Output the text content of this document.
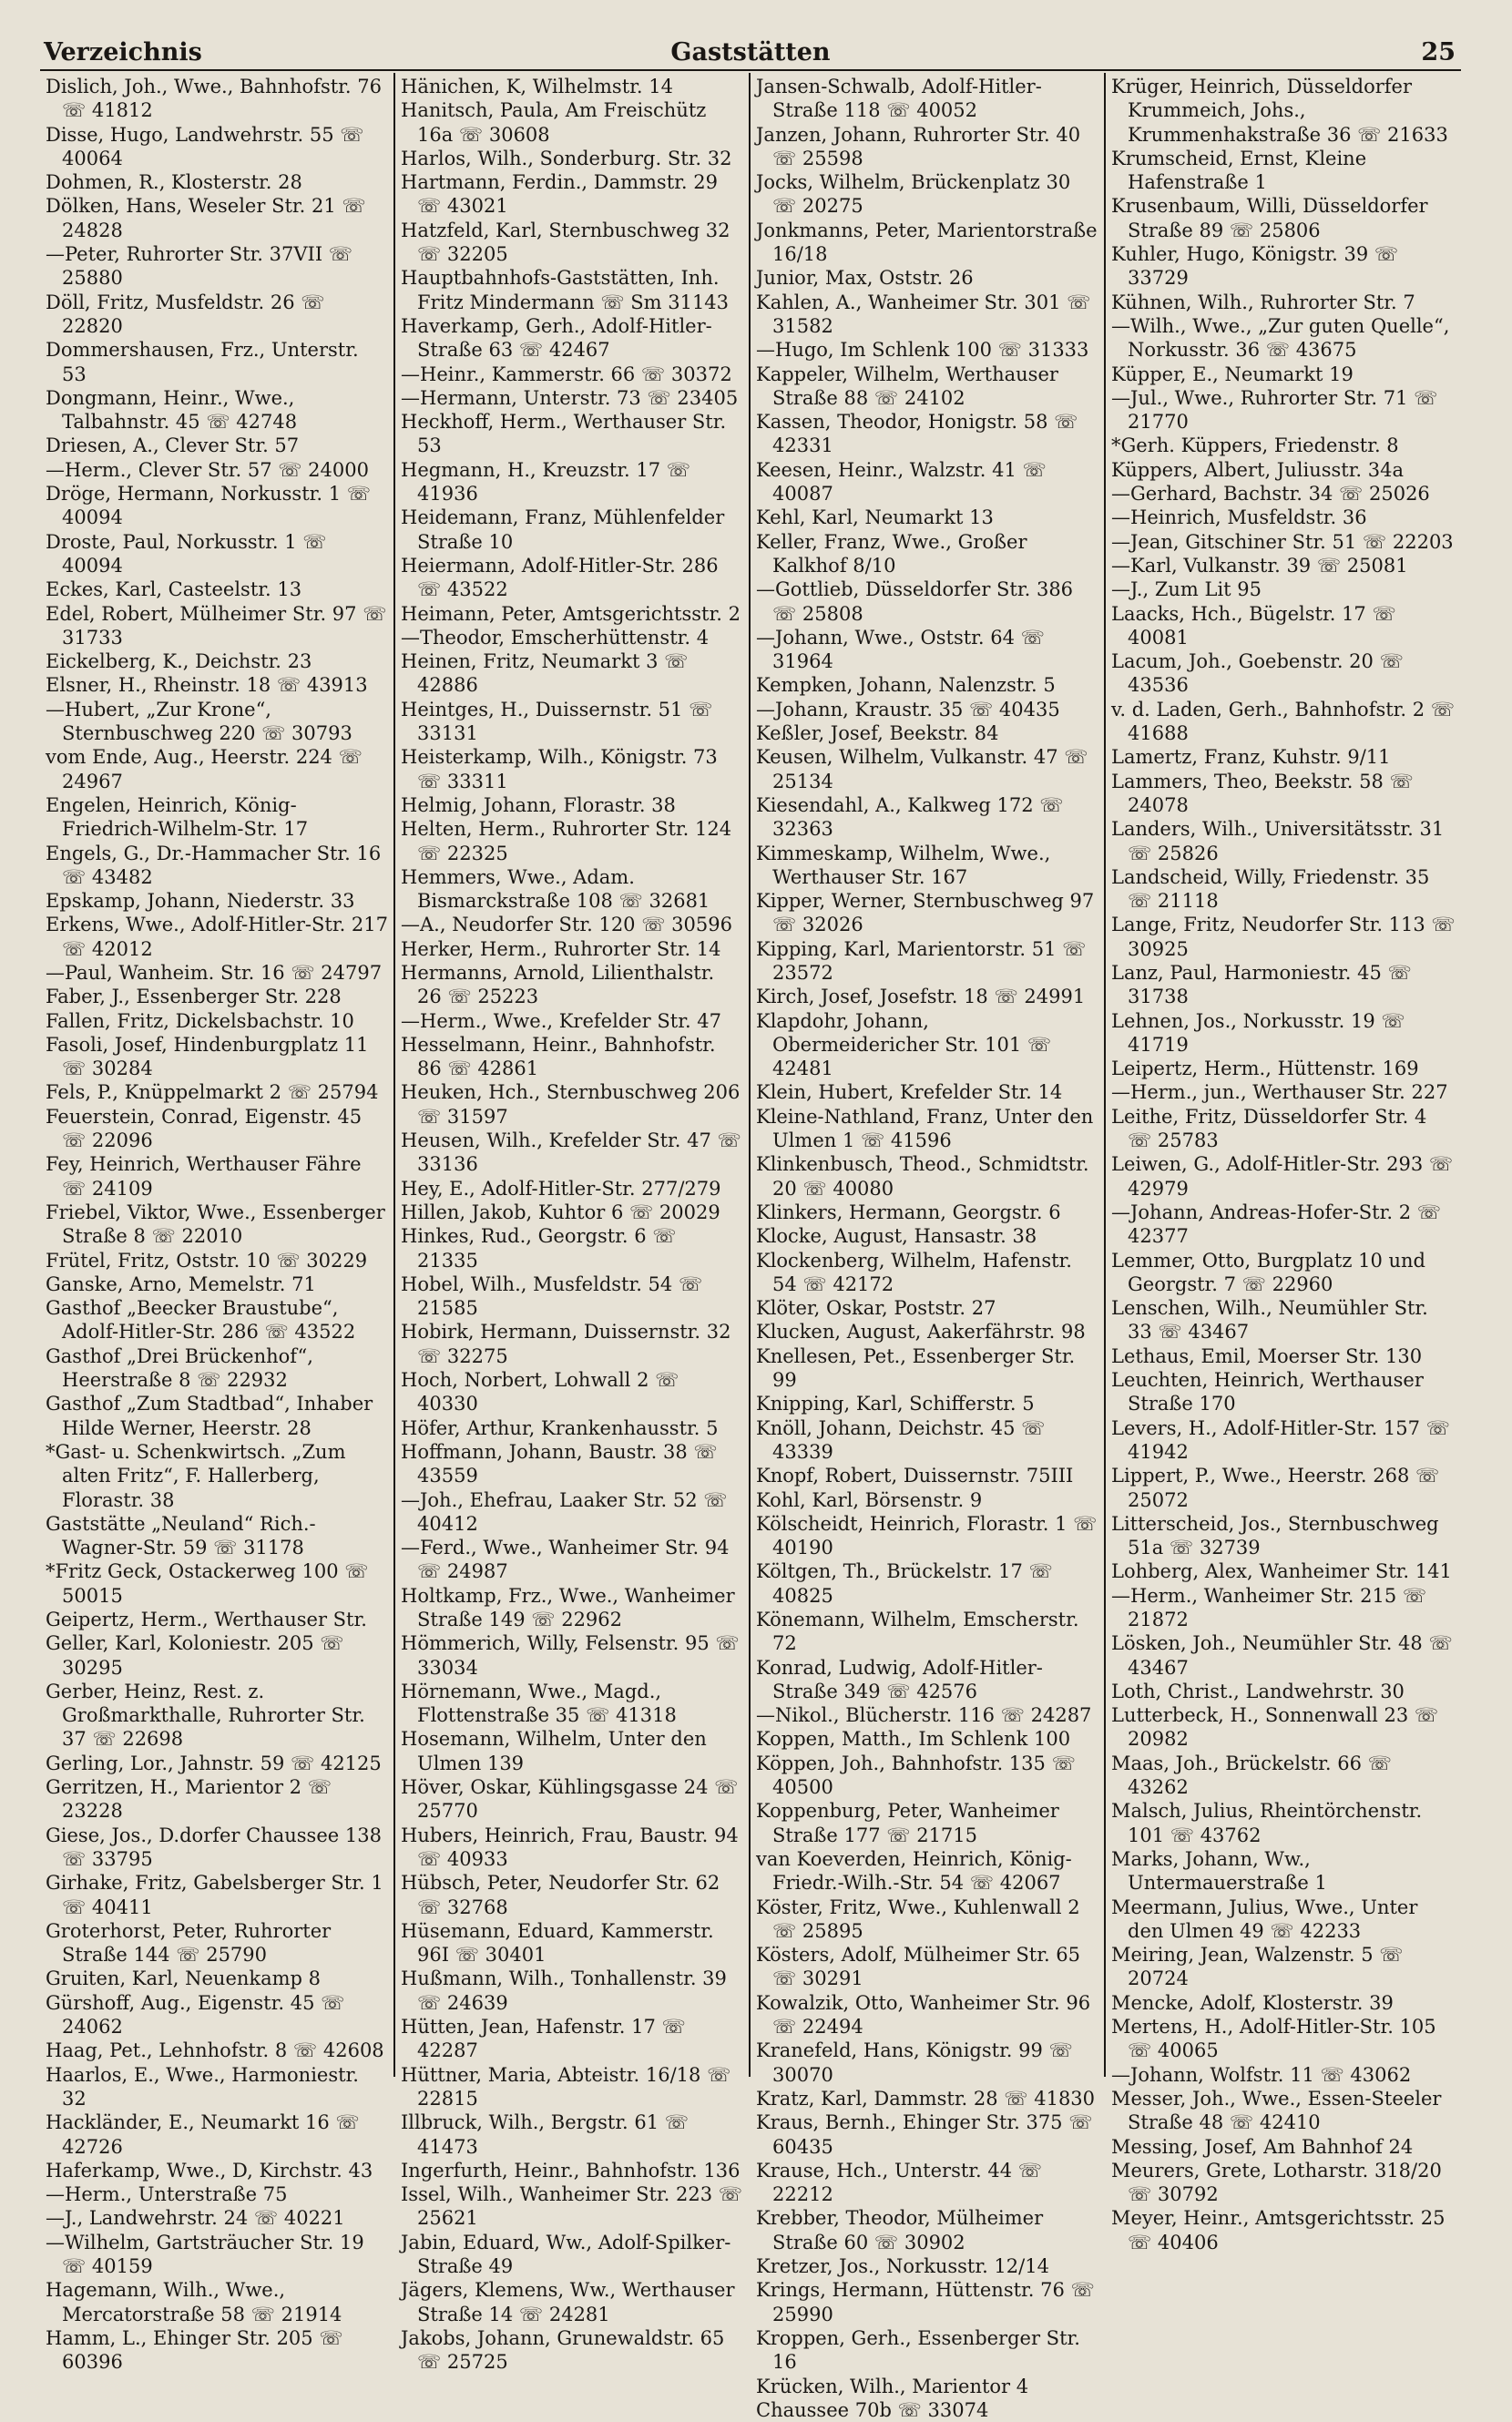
Verzeichnis	Gaststätten	25
Dislich, Joh., Wwe., Bahnhofstr. 76 ☏ 41812
Disse, Hugo, Landwehrstr. 55 ☏ 40064
Dohmen, R., Klosterstr. 28
Dölken, Hans, Weseler Str. 21 ☏ 24828
—Peter, Ruhrorter Str. 37VII ☏ 25880
Döll, Fritz, Musfeldstr. 26 ☏ 22820
Dommershausen, Frz., Unterstr. 53
Dongmann, Heinr., Wwe., Talbahnstr. 45 ☏ 42748
Driesen, A., Clever Str. 57
—Herm., Clever Str. 57 ☏ 24000
Dröge, Hermann, Norkusstr. 1 ☏ 40094
Droste, Paul, Norkusstr. 1 ☏ 40094
Eckes, Karl, Casteelstr. 13
Edel, Robert, Mülheimer Str. 97 ☏ 31733
Eickelberg, K., Deichstr. 23
Elsner, H., Rheinstr. 18 ☏ 43913
—Hubert, „Zur Krone“, Sternbuschweg 220 ☏ 30793
vom Ende, Aug., Heerstr. 224 ☏ 24967
Engelen, Heinrich, König-Friedrich-Wilhelm-Str. 17
Engels, G., Dr.-Hammacher Str. 16 ☏ 43482
Epskamp, Johann, Niederstr. 33
Erkens, Wwe., Adolf-Hitler-Str. 217 ☏ 42012
—Paul, Wanheim. Str. 16 ☏ 24797
Faber, J., Essenberger Str. 228
Fallen, Fritz, Dickelsbachstr. 10
Fasoli, Josef, Hindenburgplatz 11 ☏ 30284
Fels, P., Knüppelmarkt 2 ☏ 25794
Feuerstein, Conrad, Eigenstr. 45 ☏ 22096
Fey, Heinrich, Werthauser Fähre ☏ 24109
Friebel, Viktor, Wwe., Essenberger Straße 8 ☏ 22010
Frütel, Fritz, Oststr. 10 ☏ 30229
Ganske, Arno, Memelstr. 71
Gasthof „Beecker Braustube“, Adolf-Hitler-Str. 286 ☏ 43522
Gasthof „Drei Brückenhof“, Heerstraße 8 ☏ 22932
Gasthof „Zum Stadtbad“, Inhaber Hilde Werner, Heerstr. 28
*Gast- u. Schenkwirtsch. „Zum alten Fritz“, F. Hallerberg, Florastr. 38
Gaststätte „Neuland“ Rich.-Wagner-Str. 59 ☏ 31178
*Fritz Geck, Ostackerweg 100 ☏ 50015
Geipertz, Herm., Werthauser Str.
Geller, Karl, Koloniestr. 205 ☏ 30295
Gerber, Heinz, Rest. z. Großmarkthalle, Ruhrorter Str. 37 ☏ 22698
Gerling, Lor., Jahnstr. 59 ☏ 42125
Gerritzen, H., Marientor 2 ☏ 23228
Giese, Jos., D.dorfer Chaussee 138 ☏ 33795
Girhake, Fritz, Gabelsberger Str. 1 ☏ 40411
Groterhorst, Peter, Ruhrorter Straße 144 ☏ 25790
Gruiten, Karl, Neuenkamp 8
Gürshoff, Aug., Eigenstr. 45 ☏ 24062
Haag, Pet., Lehnhofstr. 8 ☏ 42608
Haarlos, E., Wwe., Harmoniestr. 32
Hackländer, E., Neumarkt 16 ☏ 42726
Haferkamp, Wwe., D, Kirchstr. 43
—Herm., Unterstraße 75
—J., Landwehrstr. 24 ☏ 40221
—Wilhelm, Gartsträucher Str. 19 ☏ 40159
Hagemann, Wilh., Wwe., Mercatorstraße 58 ☏ 21914
Hamm, L., Ehinger Str. 205 ☏ 60396
Hänichen, K, Wilhelmstr. 14
Hanitsch, Paula, Am Freischütz 16a ☏ 30608
Harlos, Wilh., Sonderburg. Str. 32
Hartmann, Ferdin., Dammstr. 29 ☏ 43021
Hatzfeld, Karl, Sternbuschweg 32 ☏ 32205
Hauptbahnhofs-Gaststätten, Inh. Fritz Mindermann ☏ Sm 31143
Haverkamp, Gerh., Adolf-Hitler-Straße 63 ☏ 42467
—Heinr., Kammerstr. 66 ☏ 30372
—Hermann, Unterstr. 73 ☏ 23405
Heckhoff, Herm., Werthauser Str. 53
Hegmann, H., Kreuzstr. 17 ☏ 41936
Heidemann, Franz, Mühlenfelder Straße 10
Heiermann, Adolf-Hitler-Str. 286 ☏ 43522
Heimann, Peter, Amtsgerichtsstr. 2
—Theodor, Emscherhüttenstr. 4
Heinen, Fritz, Neumarkt 3 ☏ 42886
Heintges, H., Duissernstr. 51 ☏ 33131
Heisterkamp, Wilh., Königstr. 73 ☏ 33311
Helmig, Johann, Florastr. 38
Helten, Herm., Ruhrorter Str. 124 ☏ 22325
Hemmers, Wwe., Adam. Bismarckstraße 108 ☏ 32681
—A., Neudorfer Str. 120 ☏ 30596
Herker, Herm., Ruhrorter Str. 14
Hermanns, Arnold, Lilienthalstr. 26 ☏ 25223
—Herm., Wwe., Krefelder Str. 47
Hesselmann, Heinr., Bahnhofstr. 86 ☏ 42861
Heuken, Hch., Sternbuschweg 206 ☏ 31597
Heusen, Wilh., Krefelder Str. 47 ☏ 33136
Hey, E., Adolf-Hitler-Str. 277/279
Hillen, Jakob, Kuhtor 6 ☏ 20029
Hinkes, Rud., Georgstr. 6 ☏ 21335
Hobel, Wilh., Musfeldstr. 54 ☏ 21585
Hobirk, Hermann, Duissernstr. 32 ☏ 32275
Hoch, Norbert, Lohwall 2 ☏ 40330
Höfer, Arthur, Krankenhausstr. 5
Hoffmann, Johann, Baustr. 38 ☏ 43559
—Joh., Ehefrau, Laaker Str. 52 ☏ 40412
—Ferd., Wwe., Wanheimer Str. 94 ☏ 24987
Holtkamp, Frz., Wwe., Wanheimer Straße 149 ☏ 22962
Hömmerich, Willy, Felsenstr. 95 ☏ 33034
Hörnemann, Wwe., Magd., Flottenstraße 35 ☏ 41318
Hosemann, Wilhelm, Unter den Ulmen 139
Höver, Oskar, Kühlingsgasse 24 ☏ 25770
Hubers, Heinrich, Frau, Baustr. 94 ☏ 40933
Hübsch, Peter, Neudorfer Str. 62 ☏ 32768
Hüsemann, Eduard, Kammerstr. 96I ☏ 30401
Hußmann, Wilh., Tonhallenstr. 39 ☏ 24639
Hütten, Jean, Hafenstr. 17 ☏ 42287
Hüttner, Maria, Abteistr. 16/18 ☏ 22815
Illbruck, Wilh., Bergstr. 61 ☏ 41473
Ingerfurth, Heinr., Bahnhofstr. 136
Issel, Wilh., Wanheimer Str. 223 ☏ 25621
Jabin, Eduard, Ww., Adolf-Spilker-Straße 49
Jägers, Klemens, Ww., Werthauser Straße 14 ☏ 24281
Jakobs, Johann, Grunewaldstr. 65 ☏ 25725
Jansen-Schwalb, Adolf-Hitler-Straße 118 ☏ 40052
Janzen, Johann, Ruhrorter Str. 40 ☏ 25598
Jocks, Wilhelm, Brückenplatz 30 ☏ 20275
Jonkmanns, Peter, Marientorstraße 16/18
Junior, Max, Oststr. 26
Kahlen, A., Wanheimer Str. 301 ☏ 31582
—Hugo, Im Schlenk 100 ☏ 31333
Kappeler, Wilhelm, Werthauser Straße 88 ☏ 24102
Kassen, Theodor, Honigstr. 58 ☏ 42331
Keesen, Heinr., Walzstr. 41 ☏ 40087
Kehl, Karl, Neumarkt 13
Keller, Franz, Wwe., Großer Kalkhof 8/10
—Gottlieb, Düsseldorfer Str. 386 ☏ 25808
—Johann, Wwe., Oststr. 64 ☏ 31964
Kempken, Johann, Nalenzstr. 5
—Johann, Kraustr. 35 ☏ 40435
Keßler, Josef, Beekstr. 84
Keusen, Wilhelm, Vulkanstr. 47 ☏ 25134
Kiesendahl, A., Kalkweg 172 ☏ 32363
Kimmeskamp, Wilhelm, Wwe., Werthauser Str. 167
Kipper, Werner, Sternbuschweg 97 ☏ 32026
Kipping, Karl, Marientorstr. 51 ☏ 23572
Kirch, Josef, Josefstr. 18 ☏ 24991
Klapdohr, Johann, Obermeidericher Str. 101 ☏ 42481
Klein, Hubert, Krefelder Str. 14
Kleine-Nathland, Franz, Unter den Ulmen 1 ☏ 41596
Klinkenbusch, Theod., Schmidtstr. 20 ☏ 40080
Klinkers, Hermann, Georgstr. 6
Klocke, August, Hansastr. 38
Klockenberg, Wilhelm, Hafenstr. 54 ☏ 42172
Klöter, Oskar, Poststr. 27
Klucken, August, Aakerfährstr. 98
Knellesen, Pet., Essenberger Str. 99
Knipping, Karl, Schifferstr. 5
Knöll, Johann, Deichstr. 45 ☏ 43339
Knopf, Robert, Duissernstr. 75III
Kohl, Karl, Börsenstr. 9
Kölscheidt, Heinrich, Florastr. 1 ☏ 40190
Költgen, Th., Brückelstr. 17 ☏ 40825
Könemann, Wilhelm, Emscherstr. 72
Konrad, Ludwig, Adolf-Hitler-Straße 349 ☏ 42576
—Nikol., Blücherstr. 116 ☏ 24287
Koppen, Matth., Im Schlenk 100
Köppen, Joh., Bahnhofstr. 135 ☏ 40500
Koppenburg, Peter, Wanheimer Straße 177 ☏ 21715
van Koeverden, Heinrich, König-Friedr.-Wilh.-Str. 54 ☏ 42067
Köster, Fritz, Wwe., Kuhlenwall 2 ☏ 25895
Kösters, Adolf, Mülheimer Str. 65 ☏ 30291
Kowalzik, Otto, Wanheimer Str. 96 ☏ 22494
Kranefeld, Hans, Königstr. 99 ☏ 30070
Kratz, Karl, Dammstr. 28 ☏ 41830
Kraus, Bernh., Ehinger Str. 375 ☏ 60435
Krause, Hch., Unterstr. 44 ☏ 22212
Krebber, Theodor, Mülheimer Straße 60 ☏ 30902
Kretzer, Jos., Norkusstr. 12/14
Krings, Hermann, Hüttenstr. 76 ☏ 25990
Kroppen, Gerh., Essenberger Str. 16
Krücken, Wilh., Marientor 4
Chaussee 70b ☏ 33074
Krüger, Heinrich, Düsseldorfer Krummeich, Johs., Krummenhakstraße 36 ☏ 21633
Krumscheid, Ernst, Kleine Hafenstraße 1
Krusenbaum, Willi, Düsseldorfer Straße 89 ☏ 25806
Kuhler, Hugo, Königstr. 39 ☏ 33729
Kühnen, Wilh., Ruhrorter Str. 7
—Wilh., Wwe., „Zur guten Quelle“, Norkusstr. 36 ☏ 43675
Küpper, E., Neumarkt 19
—Jul., Wwe., Ruhrorter Str. 71 ☏ 21770
*Gerh. Küppers, Friedenstr. 8
Küppers, Albert, Juliusstr. 34a
—Gerhard, Bachstr. 34 ☏ 25026
—Heinrich, Musfeldstr. 36
—Jean, Gitschiner Str. 51 ☏ 22203
—Karl, Vulkanstr. 39 ☏ 25081
—J., Zum Lit 95
Laacks, Hch., Bügelstr. 17 ☏ 40081
Lacum, Joh., Goebenstr. 20 ☏ 43536
v. d. Laden, Gerh., Bahnhofstr. 2 ☏ 41688
Lamertz, Franz, Kuhstr. 9/11
Lammers, Theo, Beekstr. 58 ☏ 24078
Landers, Wilh., Universitätsstr. 31 ☏ 25826
Landscheid, Willy, Friedenstr. 35 ☏ 21118
Lange, Fritz, Neudorfer Str. 113 ☏ 30925
Lanz, Paul, Harmoniestr. 45 ☏ 31738
Lehnen, Jos., Norkusstr. 19 ☏ 41719
Leipertz, Herm., Hüttenstr. 169
—Herm., jun., Werthauser Str. 227
Leithe, Fritz, Düsseldorfer Str. 4 ☏ 25783
Leiwen, G., Adolf-Hitler-Str. 293 ☏ 42979
—Johann, Andreas-Hofer-Str. 2 ☏ 42377
Lemmer, Otto, Burgplatz 10 und Georgstr. 7 ☏ 22960
Lenschen, Wilh., Neumühler Str. 33 ☏ 43467
Lethaus, Emil, Moerser Str. 130
Leuchten, Heinrich, Werthauser Straße 170
Levers, H., Adolf-Hitler-Str. 157 ☏ 41942
Lippert, P., Wwe., Heerstr. 268 ☏ 25072
Litterscheid, Jos., Sternbuschweg 51a ☏ 32739
Lohberg, Alex, Wanheimer Str. 141
—Herm., Wanheimer Str. 215 ☏ 21872
Lösken, Joh., Neumühler Str. 48 ☏ 43467
Loth, Christ., Landwehrstr. 30
Lutterbeck, H., Sonnenwall 23 ☏ 20982
Maas, Joh., Brückelstr. 66 ☏ 43262
Malsch, Julius, Rheintörchenstr. 101 ☏ 43762
Marks, Johann, Ww., Untermauerstraße 1
Meermann, Julius, Wwe., Unter den Ulmen 49 ☏ 42233
Meiring, Jean, Walzenstr. 5 ☏ 20724
Mencke, Adolf, Klosterstr. 39
Mertens, H., Adolf-Hitler-Str. 105 ☏ 40065
—Johann, Wolfstr. 11 ☏ 43062
Messer, Joh., Wwe., Essen-Steeler Straße 48 ☏ 42410
Messing, Josef, Am Bahnhof 24
Meurers, Grete, Lotharstr. 318/20 ☏ 30792
Meyer, Heinr., Amtsgerichtsstr. 25 ☏ 40406
